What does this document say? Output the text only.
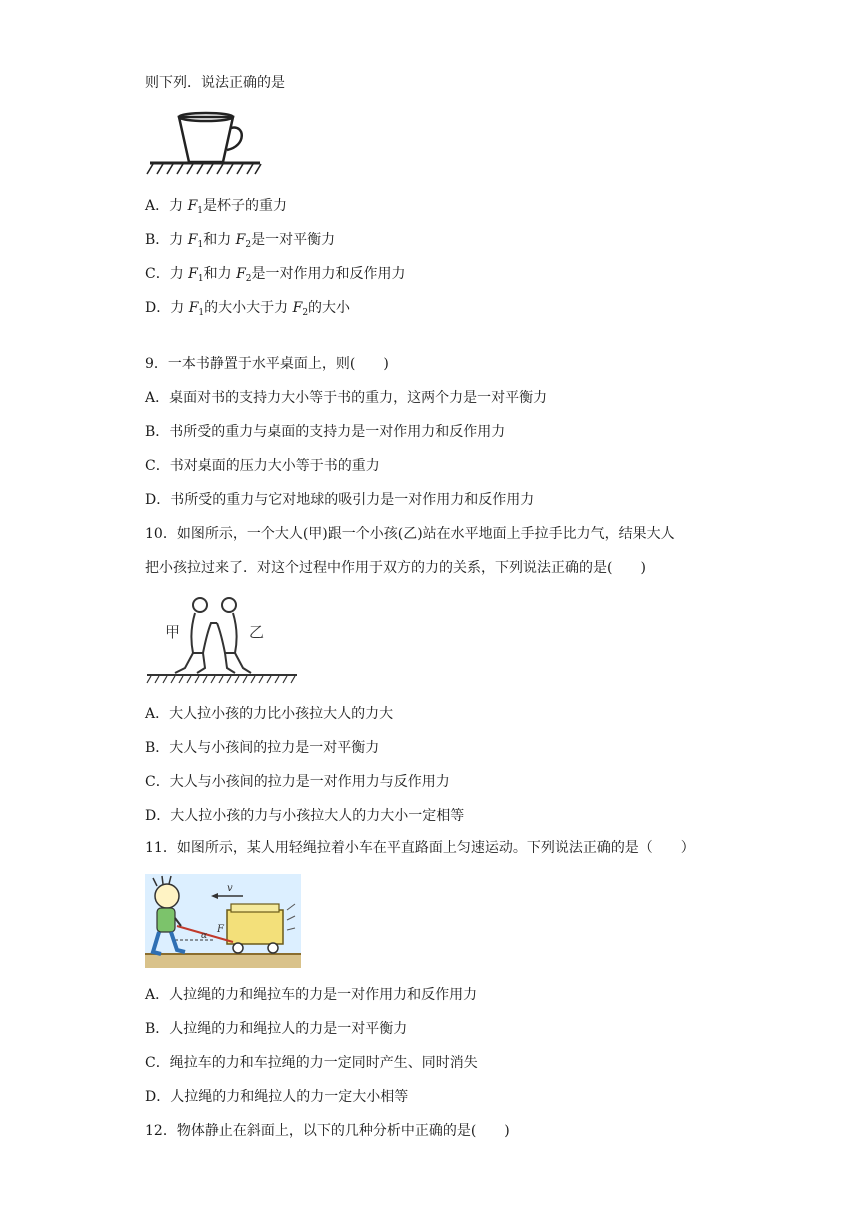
则下列．说法正确的是
A．力 $F_1$是杯子的重力
B．力 $F_1$和力 $F_2$是一对平衡力
C．力 $F_1$和力 $F_2$是一对作用力和反作用力
D．力 $F_1$的大小大于力 $F_2$的大小
9．一本书静置于水平桌面上，则(　　)
A．桌面对书的支持力大小等于书的重力，这两个力是一对平衡力
B．书所受的重力与桌面的支持力是一对作用力和反作用力
C．书对桌面的压力大小等于书的重力
D．书所受的重力与它对地球的吸引力是一对作用力和反作用力
10．如图所示，一个大人(甲)跟一个小孩(乙)站在水平地面上手拉手比力气，结果大人
把小孩拉过来了．对这个过程中作用于双方的力的关系，下列说法正确的是(　　)
甲	乙
A．大人拉小孩的力比小孩拉大人的力大
B．大人与小孩间的拉力是一对平衡力
C．大人与小孩间的拉力是一对作用力与反作用力
D．大人拉小孩的力与小孩拉大人的力大小一定相等
11．如图所示，某人用轻绳拉着小车在平直路面上匀速运动。下列说法正确的是（　　）
v
F
α
A．人拉绳的力和绳拉车的力是一对作用力和反作用力
B．人拉绳的力和绳拉人的力是一对平衡力
C．绳拉车的力和车拉绳的力一定同时产生、同时消失
D．人拉绳的力和绳拉人的力一定大小相等
12．物体静止在斜面上，以下的几种分析中正确的是(　　)
